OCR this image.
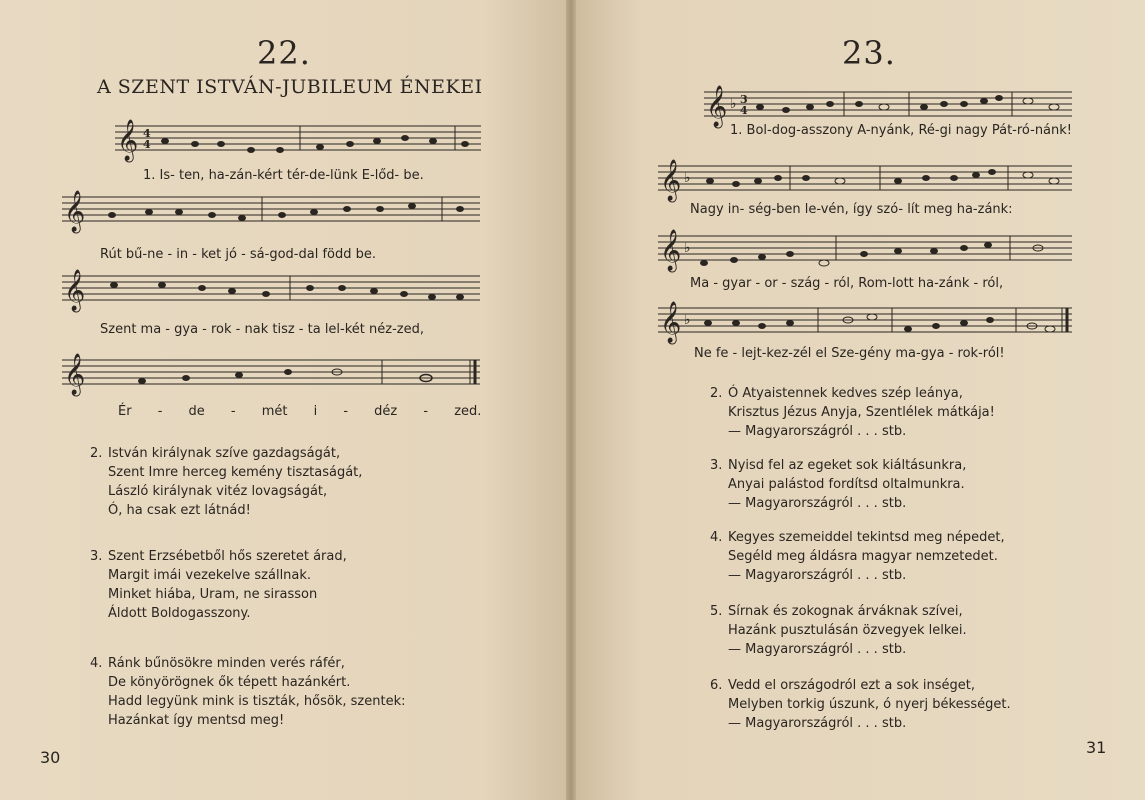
22.
A SZENT ISTVÁN-JUBILEUM ÉNEKEI
𝄞 4
4
1. Is- ten, ha-zán-kért tér-de-lünk E-lőd- be.
𝄞
Rút bű-ne - in - ket jó - sá-god-dal född be.
𝄞
Szent ma - gya - rok - nak tisz - ta lel-két néz-zed,
𝄞
Ér - de - mét i - déz - zed.
2. István királynak szíve gazdagságát,
Szent Imre herceg kemény tisztaságát,
László királynak vitéz lovagságát,
Ó, ha csak ezt látnád!
3. Szent Erzsébetből hős szeretet árad,
Margit imái vezekelve szállnak.
Minket hiába, Uram, ne sirasson
Áldott Boldogasszony.
4. Ránk bűnösökre minden verés ráfér,
De könyörögnek ők tépett hazánkért.
Hadd legyünk mink is tiszták, hősök, szentek:
Hazánkat így mentsd meg!
30
23.
𝄞 ♭ 3
4
1. Bol-dog-asszony A-nyánk, Ré-gi nagy Pát-ró-nánk!
𝄞 ♭
Nagy in- ség-ben le-vén, így szó- lít meg ha-zánk:
𝄞 ♭
Ma - gyar - or - szág - ról, Rom-lott ha-zánk - ról,
𝄞 ♭
Ne fe - lejt-kez-zél el Sze-gény ma-gya - rok-ról!
2. Ó Atyaistennek kedves szép leánya,
Krisztus Jézus Anyja, Szentlélek mátkája!
— Magyarországról . . . stb.
3. Nyisd fel az egeket sok kiáltásunkra,
Anyai palástod fordítsd oltalmunkra.
— Magyarországról . . . stb.
4. Kegyes szemeiddel tekintsd meg népedet,
Segéld meg áldásra magyar nemzetedet.
— Magyarországról . . . stb.
5. Sírnak és zokognak árváknak szívei,
Hazánk pusztulásán özvegyek lelkei.
— Magyarországról . . . stb.
6. Vedd el országodról ezt a sok inséget,
Melyben torkig úszunk, ó nyerj békességet.
— Magyarországról . . . stb.
31
